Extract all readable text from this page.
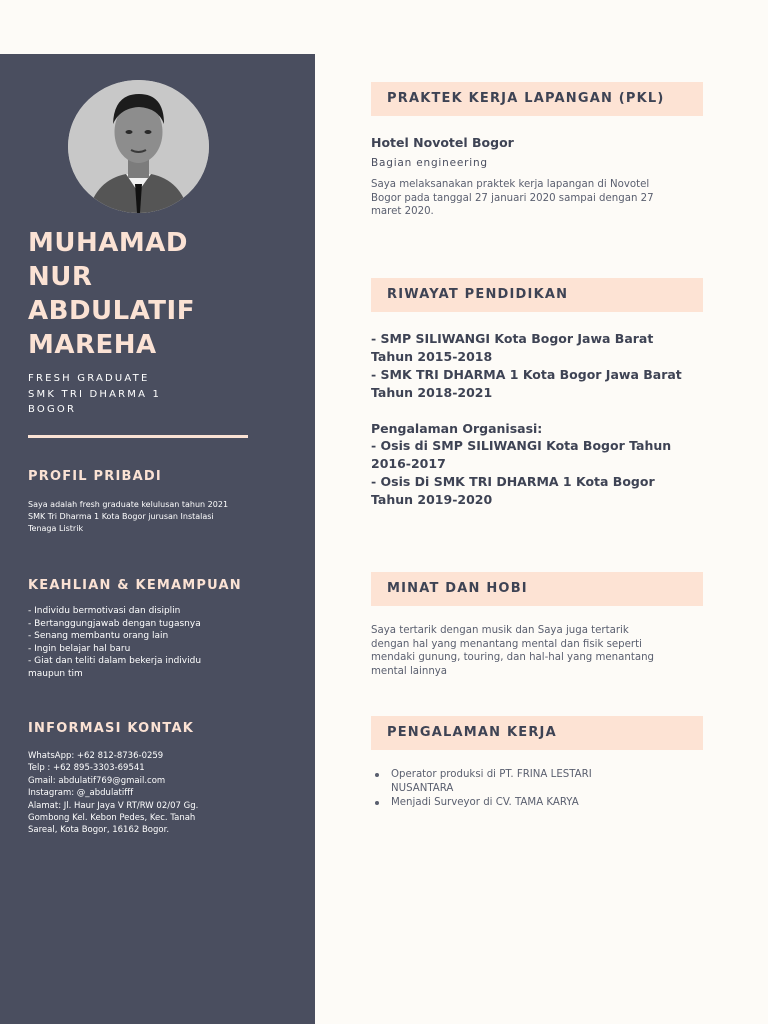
MUHAMAD
NUR
ABDULATIF
MAREHA
FRESH GRADUATE
SMK TRI DHARMA 1
BOGOR
PROFIL PRIBADI
Saya adalah fresh graduate kelulusan tahun 2021
SMK Tri Dharma 1 Kota Bogor jurusan Instalasi
Tenaga Listrik
KEAHLIAN & KEMAMPUAN
- Individu bermotivasi dan disiplin
- Bertanggungjawab dengan tugasnya
- Senang membantu orang lain
- Ingin belajar hal baru
- Giat dan teliti dalam bekerja individu
maupun tim
INFORMASI KONTAK
WhatsApp: +62 812-8736-0259
Telp : +62 895-3303-69541
Gmail: abdulatif769@gmail.com
Instagram: @_abdulatifff
Alamat: Jl. Haur Jaya V RT/RW 02/07 Gg.
Gombong Kel. Kebon Pedes, Kec. Tanah
Sareal, Kota Bogor, 16162 Bogor.
PRAKTEK KERJA LAPANGAN (PKL)
Hotel Novotel Bogor
Bagian engineering
Saya melaksanakan praktek kerja lapangan di Novotel
Bogor pada tanggal 27 januari 2020 sampai dengan 27
maret 2020.
RIWAYAT PENDIDIKAN
- SMP SILIWANGI Kota Bogor Jawa Barat
Tahun 2015-2018
- SMK TRI DHARMA 1 Kota Bogor Jawa Barat
Tahun 2018-2021
Pengalaman Organisasi:
- Osis di SMP SILIWANGI Kota Bogor Tahun
2016-2017
- Osis Di SMK TRI DHARMA 1 Kota Bogor
Tahun 2019-2020
MINAT DAN HOBI
Saya tertarik dengan musik dan Saya juga tertarik
dengan hal yang menantang mental dan fisik seperti
mendaki gunung, touring, dan hal-hal yang menantang
mental lainnya
PENGALAMAN KERJA
Operator produksi di PT. FRINA LESTARI
NUSANTARA
Menjadi Surveyor di CV. TAMA KARYA
